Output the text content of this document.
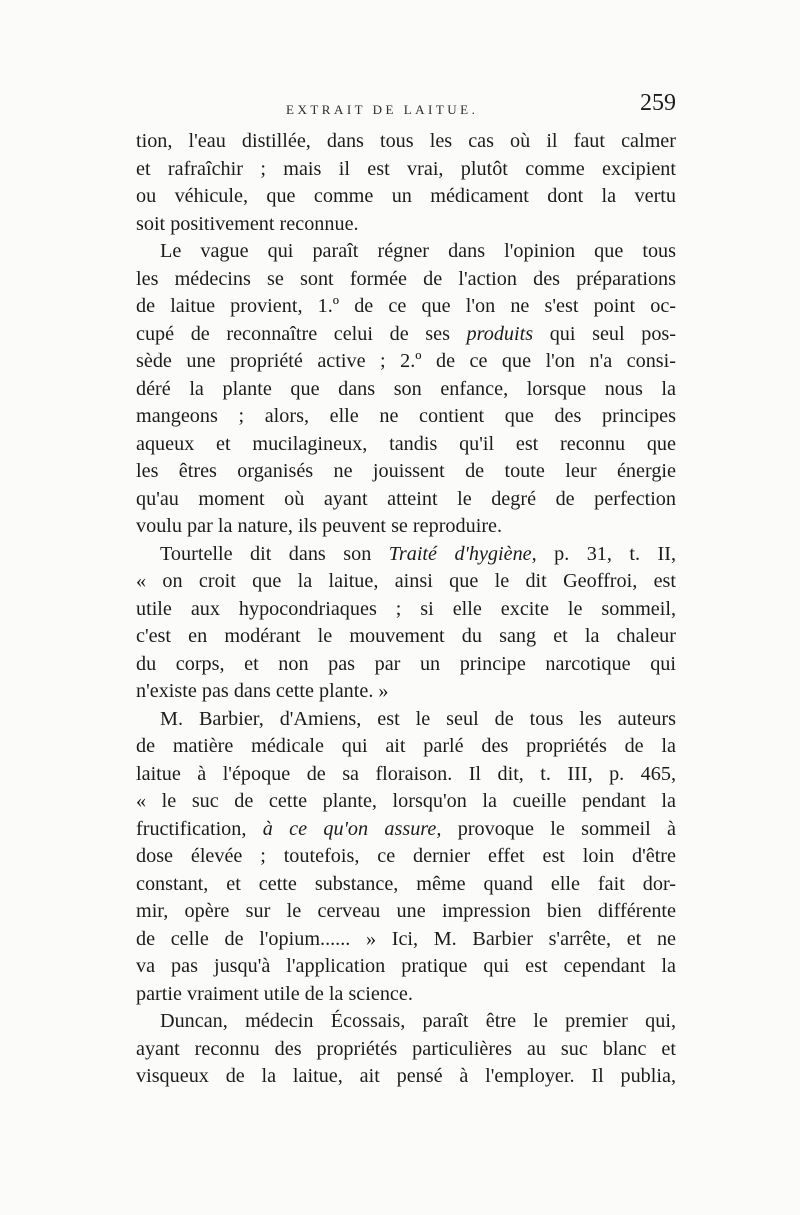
EXTRAIT DE LAITUE.	259
tion, l'eau distillée, dans tous les cas où il faut calmer
et rafraîchir ; mais il est vrai, plutôt comme excipient
ou véhicule, que comme un médicament dont la vertu
soit positivement reconnue.
Le vague qui paraît régner dans l'opinion que tous
les médecins se sont formée de l'action des préparations
de laitue provient, 1.º de ce que l'on ne s'est point oc-
cupé de reconnaître celui de ses produits qui seul pos-
sède une propriété active ; 2.º de ce que l'on n'a consi-
déré la plante que dans son enfance, lorsque nous la
mangeons ; alors, elle ne contient que des principes
aqueux et mucilagineux, tandis qu'il est reconnu que
les êtres organisés ne jouissent de toute leur énergie
qu'au moment où ayant atteint le degré de perfection
voulu par la nature, ils peuvent se reproduire.
Tourtelle dit dans son Traité d'hygiène, p. 31, t. II,
« on croit que la laitue, ainsi que le dit Geoffroi, est
utile aux hypocondriaques ; si elle excite le sommeil,
c'est en modérant le mouvement du sang et la chaleur
du corps, et non pas par un principe narcotique qui
n'existe pas dans cette plante. »
M. Barbier, d'Amiens, est le seul de tous les auteurs
de matière médicale qui ait parlé des propriétés de la
laitue à l'époque de sa floraison. Il dit, t. III, p. 465,
« le suc de cette plante, lorsqu'on la cueille pendant la
fructification, à ce qu'on assure, provoque le sommeil à
dose élevée ; toutefois, ce dernier effet est loin d'être
constant, et cette substance, même quand elle fait dor-
mir, opère sur le cerveau une impression bien différente
de celle de l'opium...... » Ici, M. Barbier s'arrête, et ne
va pas jusqu'à l'application pratique qui est cependant la
partie vraiment utile de la science.
Duncan, médecin Écossais, paraît être le premier qui,
ayant reconnu des propriétés particulières au suc blanc et
visqueux de la laitue, ait pensé à l'employer. Il publia,
